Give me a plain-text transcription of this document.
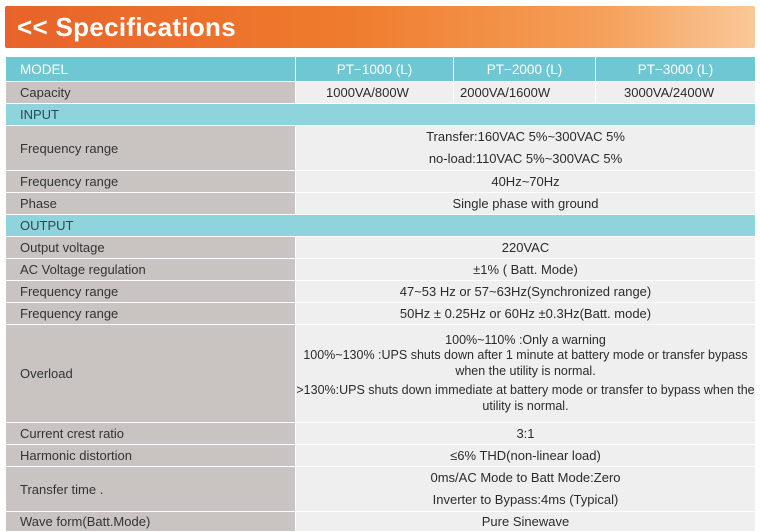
<< Specifications
MODEL	PT−1000 (L)	PT−2000 (L)	PT−3000 (L)
Capacity	1000VA/800W	2000VA/1600W	3000VA/2400W
INPUT			
Frequency range	Transfer:160VAC 5%~300VAC 5%
no-load:110VAC 5%~300VAC 5%		

Frequency range	40Hz~70Hz		
Phase	Single phase with ground		
OUTPUT			
Output voltage	220VAC		
AC Voltage regulation	±1% ( Batt. Mode)		
Frequency range	47~53 Hz or 57~63Hz(Synchronized range)		
Frequency range	50Hz ± 0.25Hz or 60Hz ±0.3Hz(Batt. mode)		
Overload	100%~110% :Only a warning
100%~130% :UPS shuts down after 1 minute at battery mode or transfer bypass when the utility is normal.

>130%:UPS shuts down immediate at battery mode or transfer to bypass when the utility is normal.		

Current crest ratio	3:1		
Harmonic distortion	≤6% THD(non-linear load)		
Transfer time .	0ms/AC Mode to Batt Mode:Zero
Inverter to Bypass:4ms (Typical)		

Wave form(Batt.Mode)	Pure Sinewave		
